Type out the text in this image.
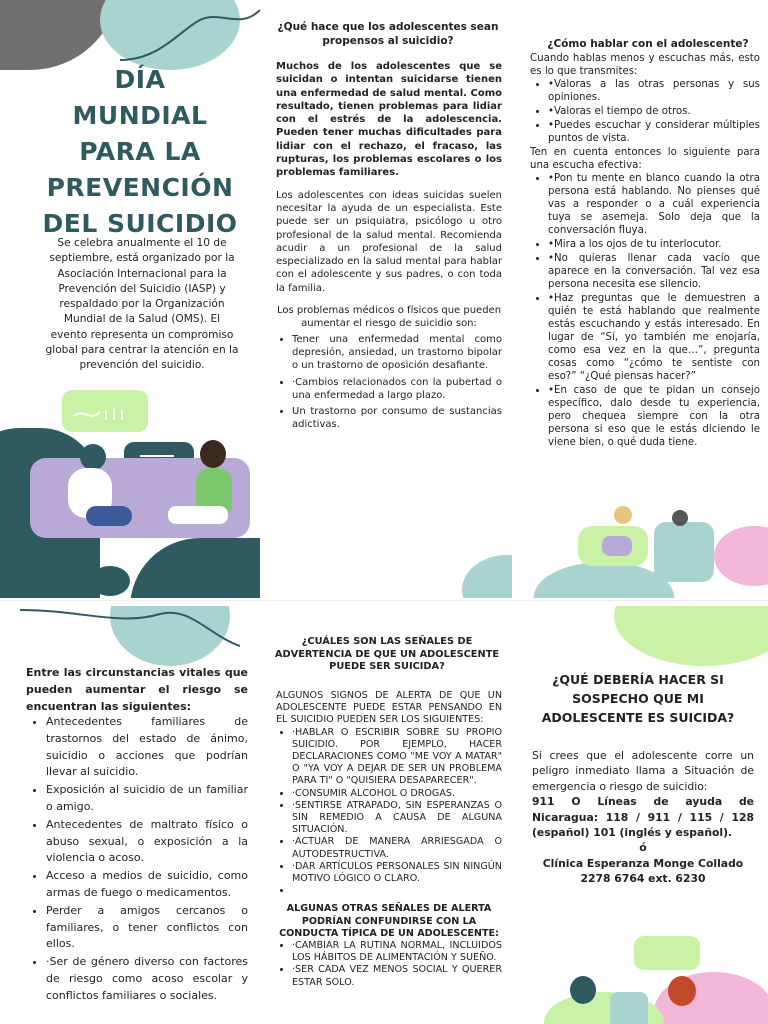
DÍA
MUNDIAL
PARA LA
PREVENCIÓN
DEL SUICIDIO
Se celebra anualmente el 10 de septiembre, está organizado por la Asociación Internacional para la Prevención del Suicidio (IASP) y respaldado por la Organización Mundial de la Salud (OMS). El evento representa un compromiso global para centrar la atención en la prevención del suicidio.
¿Qué hace que los adolescentes sean propensos al suicidio?

Muchos de los adolescentes que se suicidan o intentan suicidarse tienen una enfermedad de salud mental. Como resultado, tienen problemas para lidiar con el estrés de la adolescencia. Pueden tener muchas dificultades para lidiar con el rechazo, el fracaso, las rupturas, los problemas escolares o los problemas familiares.

Los adolescentes con ideas suicidas suelen necesitar la ayuda de un especialista. Este puede ser un psiquiatra, psicólogo u otro profesional de la salud mental. Recomienda acudir a un profesional de la salud especializado en la salud mental para hablar con el adolescente y sus padres, o con toda la familia.

Los problemas médicos o físicos que pueden aumentar el riesgo de suicidio son:

• Tener una enfermedad mental como depresión, ansiedad, un trastorno bipolar o un trastorno de oposición desafiante.
• ·Cambios relacionados con la pubertad o una enfermedad a largo plazo.
• Un trastorno por consumo de sustancias adictivas.
¿Cómo hablar con el adolescente?
Cuando hablas menos y escuchas más, esto es lo que transmites:
• •Valoras a las otras personas y sus opiniones.
• •Valoras el tiempo de otros.
• •Puedes escuchar y considerar múltiples puntos de vista.
Ten en cuenta entonces lo siguiente para una escucha efectiva:
• •Pon tu mente en blanco cuando la otra persona está hablando. No pienses qué vas a responder o a cuál experiencia tuya se asemeja. Solo deja que la conversación fluya.
• •Mira a los ojos de tu interlocutor.
• •No quieras llenar cada vacío que aparece en la conversación. Tal vez esa persona necesita ese silencio.
• •Haz preguntas que le demuestren a quién te está hablando que realmente estás escuchando y estás interesado. En lugar de “Sí, yo también me enojaría, como esa vez en la que…”, pregunta cosas como “¿cómo te sentiste con eso?” “¿Qué piensas hacer?”
• •En caso de que te pidan un consejo específico, dalo desde tu experiencia, pero chequea siempre con la otra persona si eso que le estás diciendo le viene bien, o qué duda tiene.
Entre las circunstancias vitales que pueden aumentar el riesgo se encuentran las siguientes:
• Antecedentes familiares de trastornos del estado de ánimo, suicidio o acciones que podrían llevar al suicidio.
• Exposición al suicidio de un familiar o amigo.
• Antecedentes de maltrato físico o abuso sexual, o exposición a la violencia o acoso.
• Acceso a medios de suicidio, como armas de fuego o medicamentos.
• Perder a amigos cercanos o familiares, o tener conflictos con ellos.
• ·Ser de género diverso con factores de riesgo como acoso escolar y conflictos familiares o sociales.
¿CUÁLES SON LAS SEÑALES DE ADVERTENCIA DE QUE UN ADOLESCENTE PUEDE SER SUICIDA?
ALGUNOS SIGNOS DE ALERTA DE QUE UN ADOLESCENTE PUEDE ESTAR PENSANDO EN EL SUICIDIO PUEDEN SER LOS SIGUIENTES:
• ·HABLAR O ESCRIBIR SOBRE SU PROPIO SUICIDIO. POR EJEMPLO, HACER DECLARACIONES COMO "ME VOY A MATAR" O "YA VOY A DEJAR DE SER UN PROBLEMA PARA TI" O "QUISIERA DESAPARECER".
• ·CONSUMIR ALCOHOL O DROGAS.
• ·SENTIRSE ATRAPADO, SIN ESPERANZAS O SIN REMEDIO A CAUSA DE ALGUNA SITUACIÓN.
• ·ACTUAR DE MANERA ARRIESGADA O AUTODESTRUCTIVA.
• ·DAR ARTÍCULOS PERSONALES SIN NINGÚN MOTIVO LÓGICO O CLARO.
•
ALGUNAS OTRAS SEÑALES DE ALERTA PODRÍAN CONFUNDIRSE CON LA CONDUCTA TÍPICA DE UN ADOLESCENTE:
• ·CAMBIAR LA RUTINA NORMAL, INCLUIDOS LOS HÁBITOS DE ALIMENTACIÓN Y SUEÑO.
• ·SER CADA VEZ MENOS SOCIAL Y QUERER ESTAR SOLO.
¿QUÉ DEBERÍA HACER SI SOSPECHO QUE MI ADOLESCENTE ES SUICIDA?
Si crees que el adolescente corre un peligro inmediato llama a Situación de emergencia o riesgo de suicidio:
911 O Líneas de ayuda de Nicaragua: 118 / 911 / 115 / 128 (español) 101 (inglés y español).
ó
Clínica Esperanza Monge Collado
2278 6764 ext. 6230
